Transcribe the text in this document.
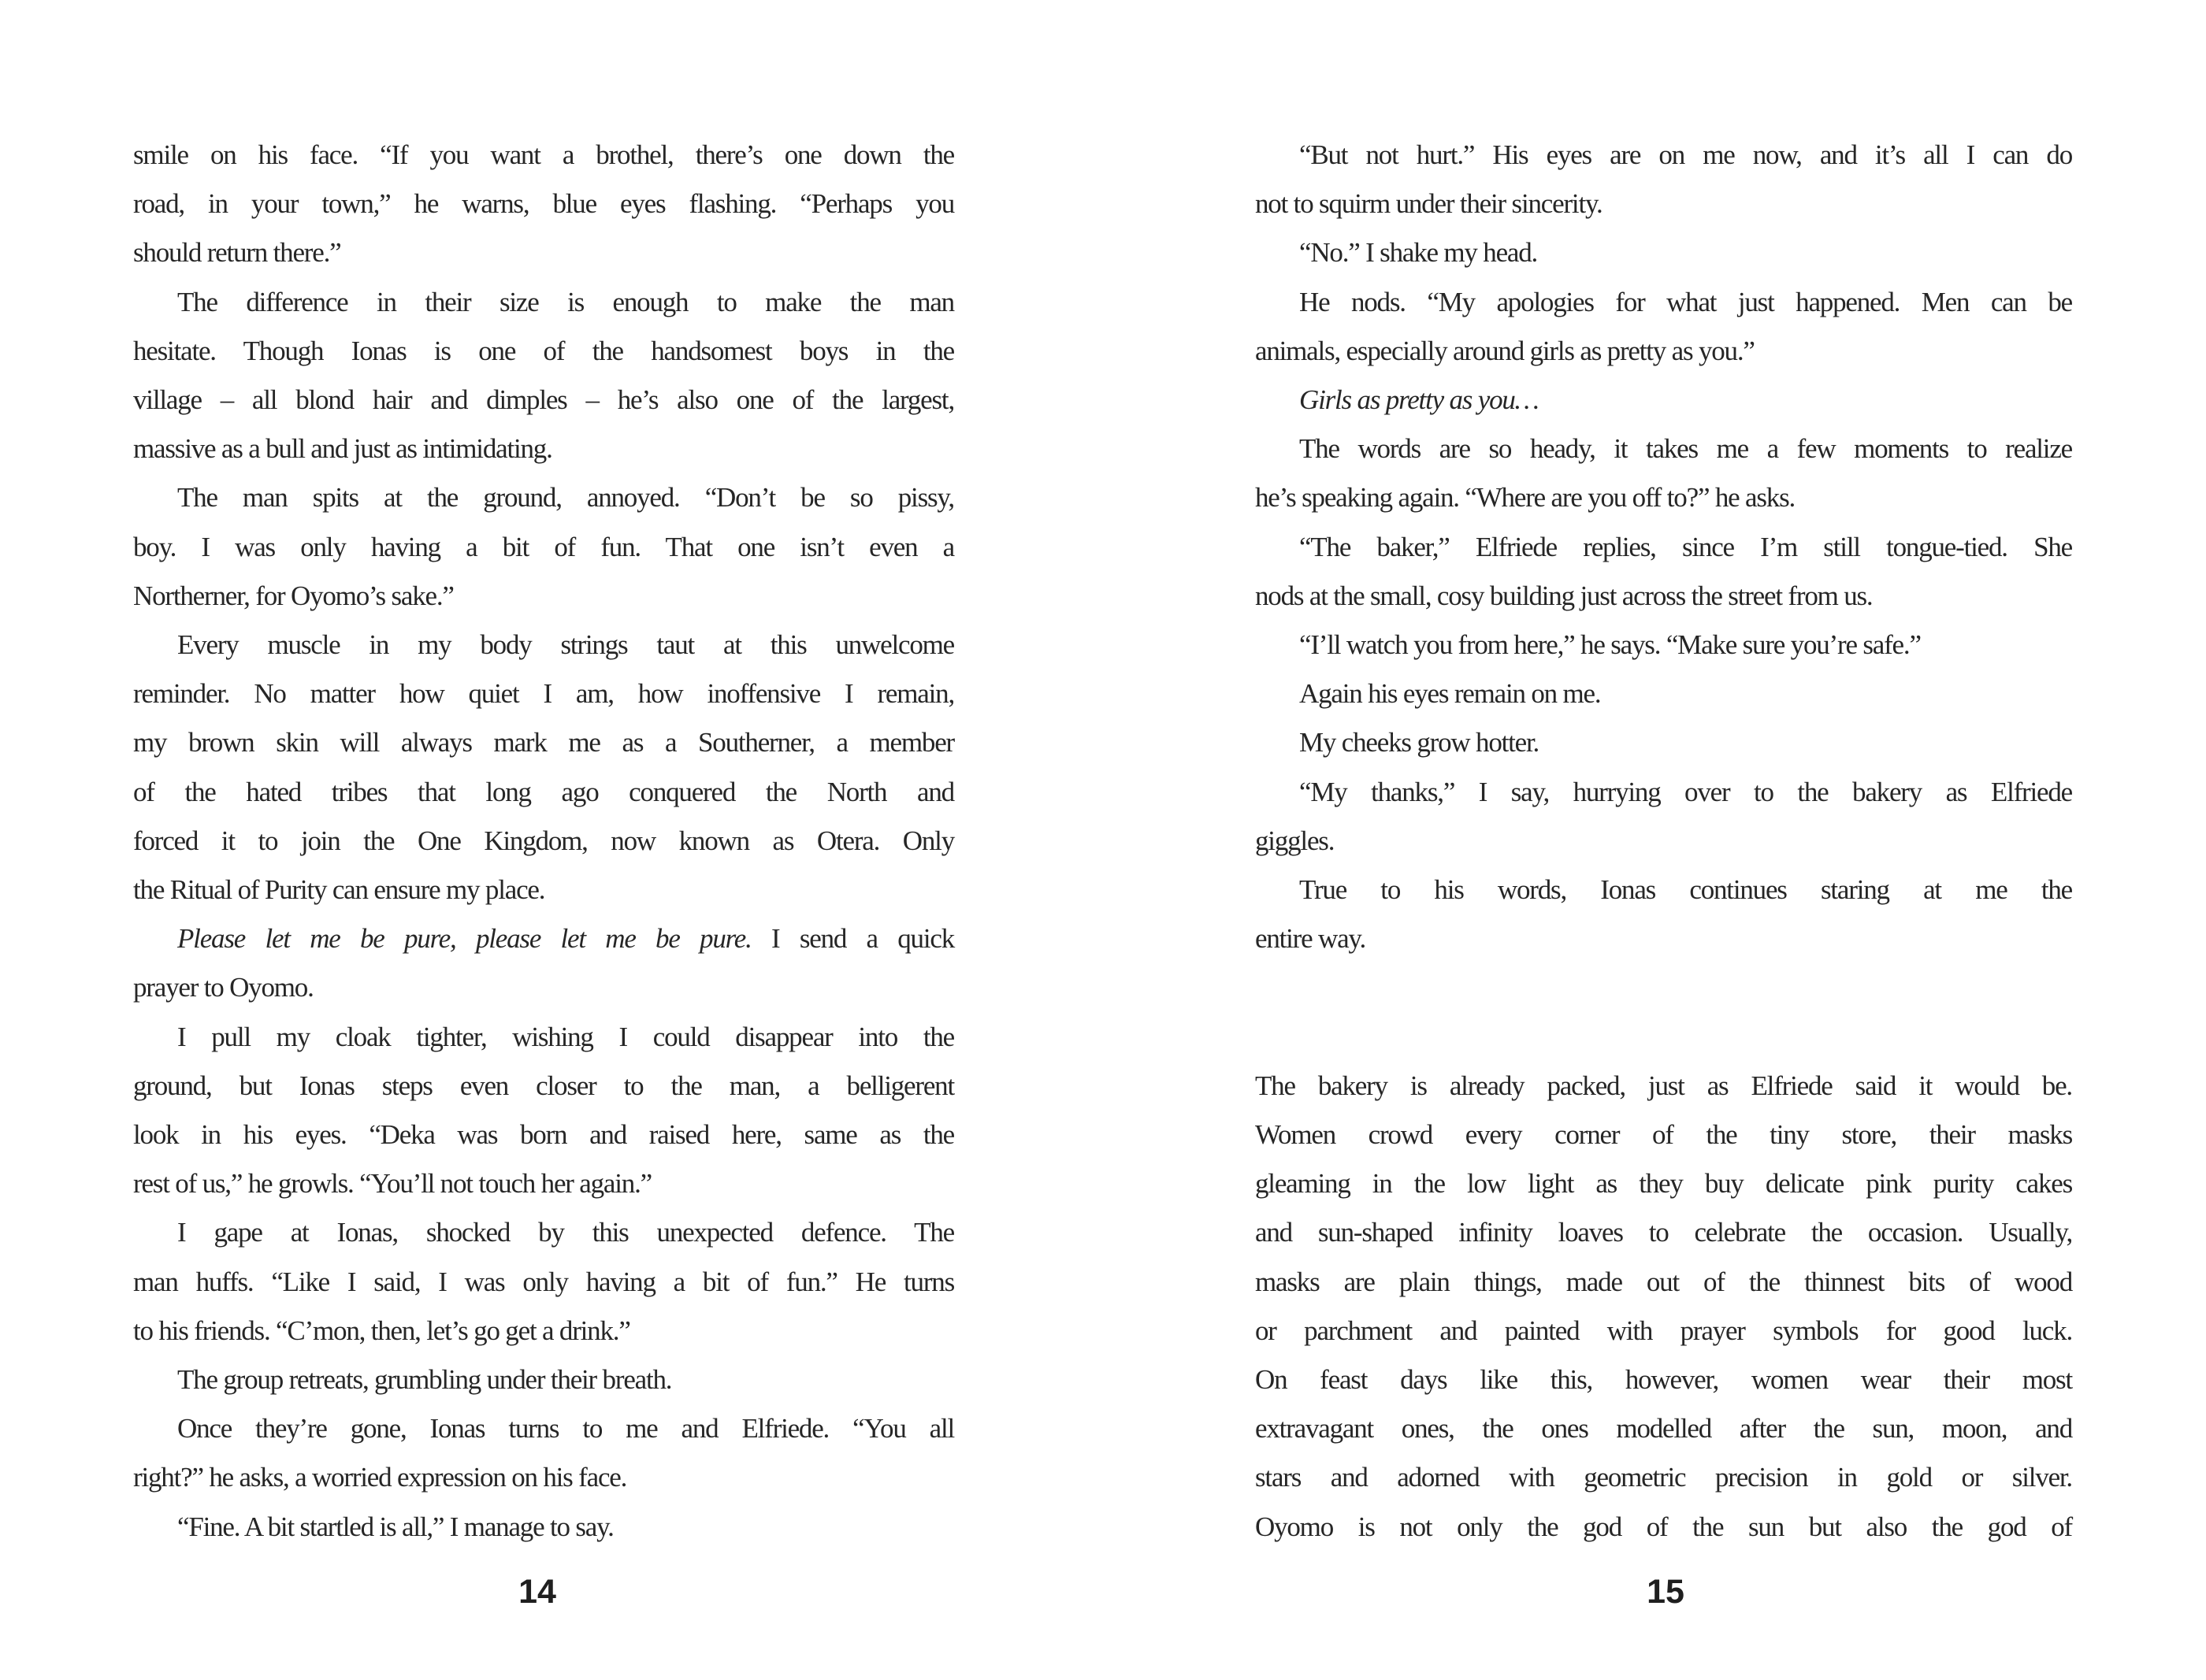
smile on his face. “If you want a brothel, there’s one down the
road, in your town,” he warns, blue eyes flashing. “Perhaps you
should return there.”
The difference in their size is enough to make the man
hesitate. Though Ionas is one of the handsomest boys in the
village – all blond hair and dimples – he’s also one of the largest,
massive as a bull and just as intimidating.
The man spits at the ground, annoyed. “Don’t be so pissy,
boy. I was only having a bit of fun. That one isn’t even a
Northerner, for Oyomo’s sake.”
Every muscle in my body strings taut at this unwelcome
reminder. No matter how quiet I am, how inoffensive I remain,
my brown skin will always mark me as a Southerner, a member
of the hated tribes that long ago conquered the North and
forced it to join the One Kingdom, now known as Otera. Only
the Ritual of Purity can ensure my place.
Please let me be pure, please let me be pure. I send a quick
prayer to Oyomo.
I pull my cloak tighter, wishing I could disappear into the
ground, but Ionas steps even closer to the man, a belligerent
look in his eyes. “Deka was born and raised here, same as the
rest of us,” he growls. “You’ll not touch her again.”
I gape at Ionas, shocked by this unexpected defence. The
man huffs. “Like I said, I was only having a bit of fun.” He turns
to his friends. “C’mon, then, let’s go get a drink.”
The group retreats, grumbling under their breath.
Once they’re gone, Ionas turns to me and Elfriede. “You all
right?” he asks, a worried expression on his face.
“Fine. A bit startled is all,” I manage to say.
14
“But not hurt.” His eyes are on me now, and it’s all I can do
not to squirm under their sincerity.
“No.” I shake my head.
He nods. “My apologies for what just happened. Men can be
animals, especially around girls as pretty as you.”
Girls as pretty as you…
The words are so heady, it takes me a few moments to realize
he’s speaking again. “Where are you off to?” he asks.
“The baker,” Elfriede replies, since I’m still tongue-tied. She
nods at the small, cosy building just across the street from us.
“I’ll watch you from here,” he says. “Make sure you’re safe.”
Again his eyes remain on me.
My cheeks grow hotter.
“My thanks,” I say, hurrying over to the bakery as Elfriede
giggles.
True to his words, Ionas continues staring at me the
entire way.
The bakery is already packed, just as Elfriede said it would be.
Women crowd every corner of the tiny store, their masks
gleaming in the low light as they buy delicate pink purity cakes
and sun-shaped infinity loaves to celebrate the occasion. Usually,
masks are plain things, made out of the thinnest bits of wood
or parchment and painted with prayer symbols for good luck.
On feast days like this, however, women wear their most
extravagant ones, the ones modelled after the sun, moon, and
stars and adorned with geometric precision in gold or silver.
Oyomo is not only the god of the sun but also the god of
15
